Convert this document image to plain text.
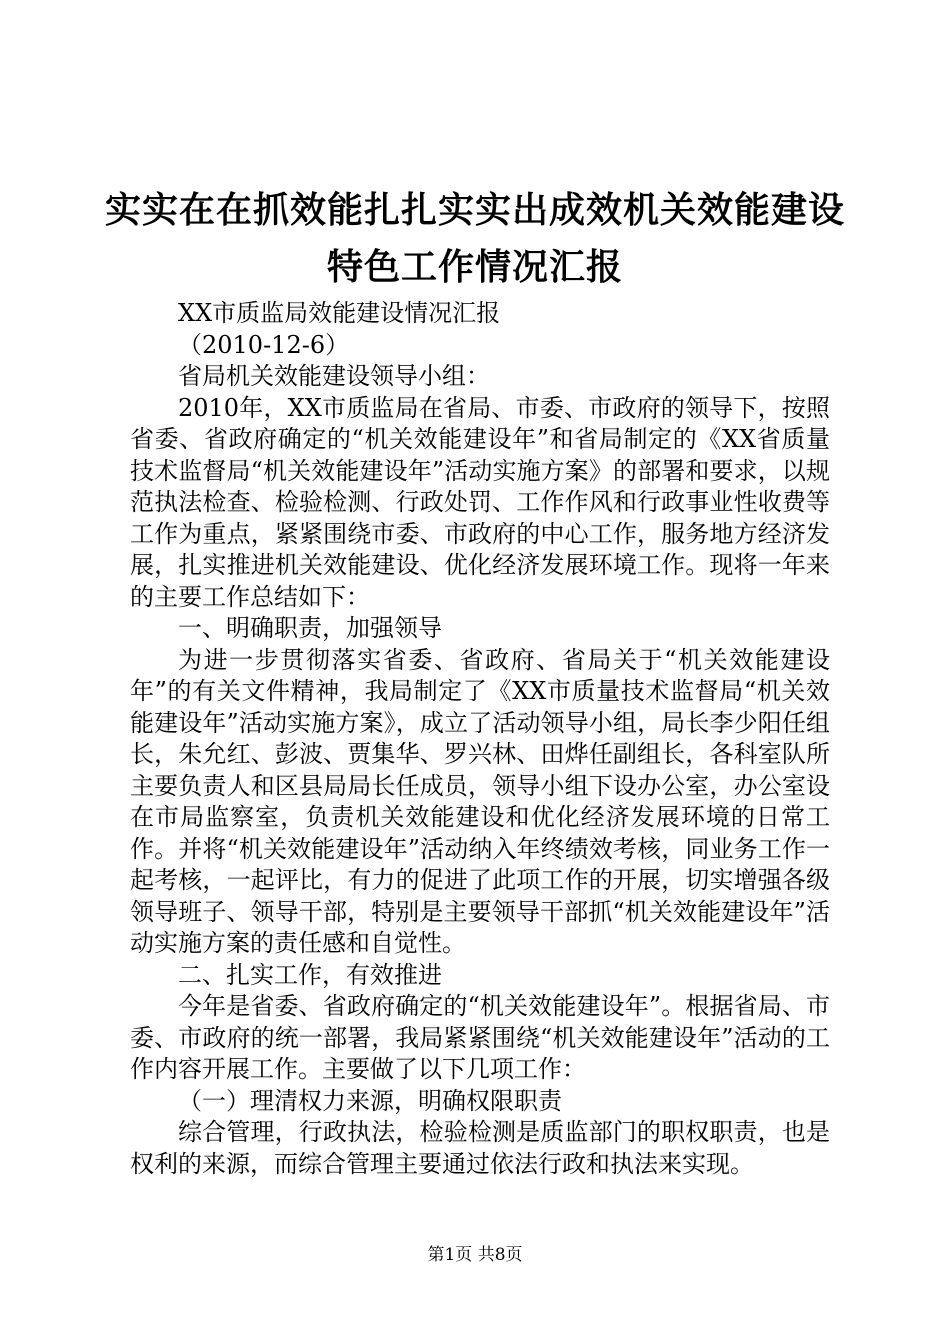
实实在在抓效能扎扎实实出成效机关效能建设
特色工作情况汇报

XX市质监局效能建设情况汇报

（2010-12-6）

省局机关效能建设领导小组：

2010年，XX市质监局在省局、市委、市政府的领导下，按照省委、省政府确定的“机关效能建设年”和省局制定的《XX省质量技术监督局“机关效能建设年”活动实施方案》的部署和要求，以规范执法检查、检验检测、行政处罚、工作作风和行政事业性收费等工作为重点，紧紧围绕市委、市政府的中心工作，服务地方经济发展，扎实推进机关效能建设、优化经济发展环境工作。现将一年来的主要工作总结如下：

一、明确职责，加强领导

为进一步贯彻落实省委、省政府、省局关于“机关效能建设年”的有关文件精神，我局制定了《XX市质量技术监督局“机关效能建设年”活动实施方案》，成立了活动领导小组，局长李少阳任组长，朱允红、彭波、贾集华、罗兴林、田烨任副组长，各科室队所主要负责人和区县局局长任成员，领导小组下设办公室，办公室设在市局监察室，负责机关效能建设和优化经济发展环境的日常工作。并将“机关效能建设年”活动纳入年终绩效考核，同业务工作一起考核，一起评比，有力的促进了此项工作的开展，切实增强各级领导班子、领导干部，特别是主要领导干部抓“机关效能建设年”活动实施方案的责任感和自觉性。

二、扎实工作，有效推进

今年是省委、省政府确定的“机关效能建设年”。根据省局、市委、市政府的统一部署，我局紧紧围绕“机关效能建设年”活动的工作内容开展工作。主要做了以下几项工作：

（一）理清权力来源，明确权限职责

综合管理，行政执法，检验检测是质监部门的职权职责，也是权利的来源，而综合管理主要通过依法行政和执法来实现。

第1页 共8页
